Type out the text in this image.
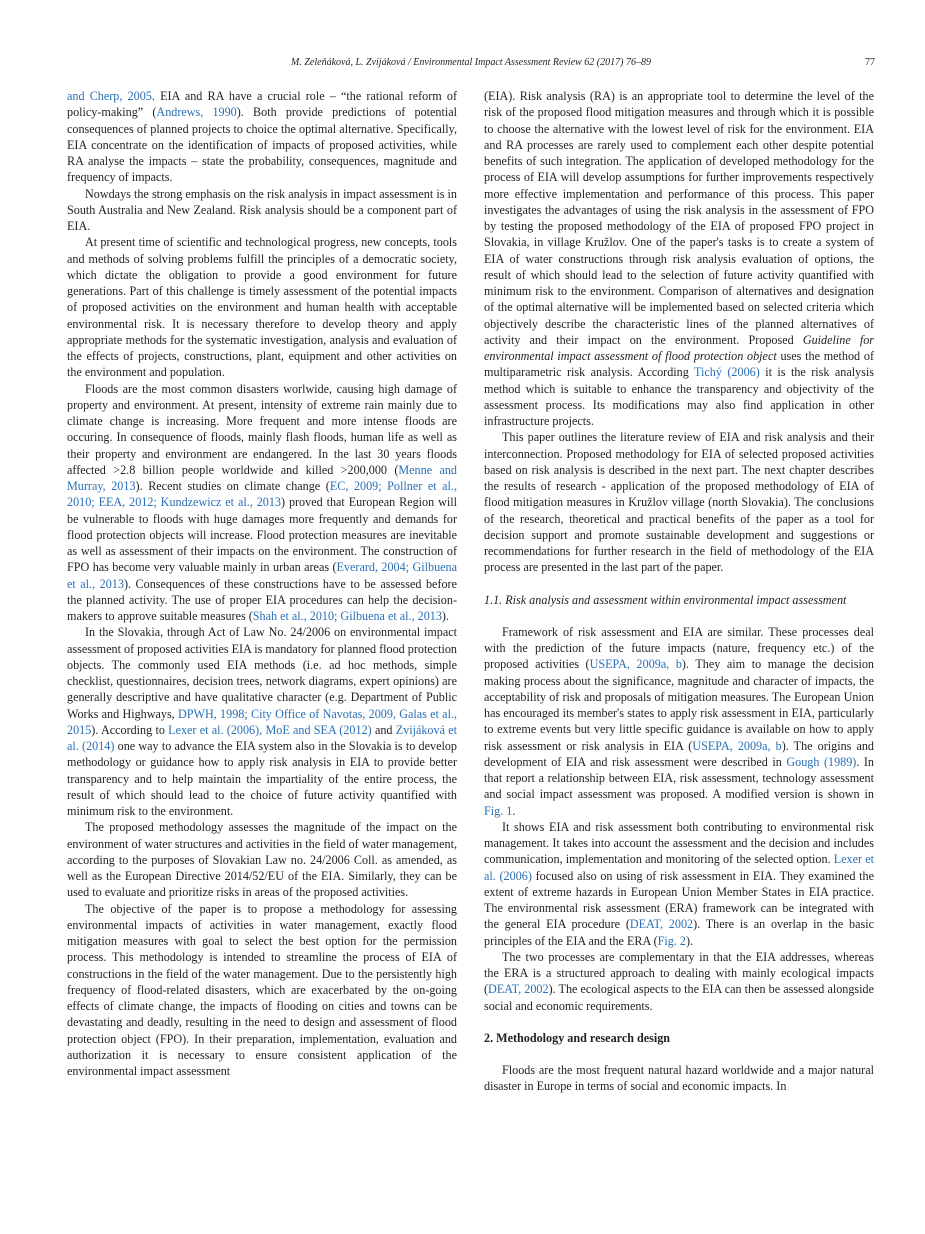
M. Zeleňáková, L. Zvijáková / Environmental Impact Assessment Review 62 (2017) 76–89	77

and Cherp, 2005. EIA and RA have a crucial role – “the rational reform of policy-making” (Andrews, 1990). Both provide predictions of potential consequences of planned projects to choice the optimal alternative. Specifically, EIA concentrate on the identification of impacts of proposed activities, while RA analyse the impacts – state the probability, consequences, magnitude and frequency of impacts.

Nowdays the strong emphasis on the risk analysis in impact assessment is in South Australia and New Zealand. Risk analysis should be a component part of EIA.

At present time of scientific and technological progress, new concepts, tools and methods of solving problems fulfill the principles of a democratic society, which dictate the obligation to provide a good environment for future generations. Part of this challenge is timely assessment of the potential impacts of proposed activities on the environment and human health with acceptable environmental risk. It is necessary therefore to develop theory and apply appropriate methods for the systematic investigation, analysis and evaluation of the effects of projects, constructions, plant, equipment and other activities on the environment and population.

Floods are the most common disasters worlwide, causing high damage of property and environment. At present, intensity of extreme rain mainly due to climate change is increasing. More frequent and more intense floods are occuring. In consequence of floods, mainly flash floods, human life as well as their property and environment are endangered. In the last 30 years floods affected >2.8 billion people worldwide and killed >200,000 (Menne and Murray, 2013). Recent studies on climate change (EC, 2009; Pollner et al., 2010; EEA, 2012; Kundzewicz et al., 2013) proved that European Region will be vulnerable to floods with huge damages more frequently and demands for flood protection objects will increase. Flood protection measures are inevitable as well as assessment of their impacts on the environment. The construction of FPO has become very valuable mainly in urban areas (Everard, 2004; Gilbuena et al., 2013). Consequences of these constructions have to be assessed before the planned activity. The use of proper EIA procedures can help the decision-makers to approve suitable measures (Shah et al., 2010; Gilbuena et al., 2013).

In the Slovakia, through Act of Law No. 24/2006 on environmental impact assessment of proposed activities EIA is mandatory for planned flood protection objects. The commonly used EIA methods (i.e. ad hoc methods, simple checklist, questionnaires, decision trees, network diagrams, expert opinions) are generally descriptive and have qualitative character (e.g. Department of Public Works and Highways, DPWH, 1998; City Office of Navotas, 2009, Galas et al., 2015). According to Lexer et al. (2006), MoE and SEA (2012) and Zvijáková et al. (2014) one way to advance the EIA system also in the Slovakia is to develop methodology or guidance how to apply risk analysis in EIA to provide better transparency and to help maintain the impartiality of the entire process, the result of which should lead to the choice of future activity quantified with minimum risk to the environment.

The proposed methodology assesses the magnitude of the impact on the environment of water structures and activities in the field of water management, according to the purposes of Slovakian Law no. 24/2006 Coll. as amended, as well as the European Directive 2014/52/EU of the EIA. Similarly, they can be used to evaluate and prioritize risks in areas of the proposed activities.

The objective of the paper is to propose a methodology for assessing environmental impacts of activities in water management, exactly flood mitigation measures with goal to select the best option for the permission process. This methodology is intended to streamline the process of EIA of constructions in the field of the water management. Due to the persistently high frequency of flood-related disasters, which are exacerbated by the on-going effects of climate change, the impacts of flooding on cities and towns can be devastating and deadly, resulting in the need to design and assessment of flood protection object (FPO). In their preparation, implementation, evaluation and authorization it is necessary to ensure consistent application of the environmental impact assessment

(EIA). Risk analysis (RA) is an appropriate tool to determine the level of the risk of the proposed flood mitigation measures and through which it is possible to choose the alternative with the lowest level of risk for the environment. EIA and RA processes are rarely used to complement each other despite potential benefits of such integration. The application of developed methodology for the process of EIA will develop assumptions for further improvements respectively more effective implementation and performance of this process. This paper investigates the advantages of using the risk analysis in the assessment of FPO by testing the proposed methodology of the EIA of proposed FPO project in Slovakia, in village Kružlov. One of the paper's tasks is to create a system of EIA of water constructions through risk analysis evaluation of options, the result of which should lead to the selection of future activity quantified with minimum risk to the environment. Comparison of alternatives and designation of the optimal alternative will be implemented based on selected criteria which objectively describe the characteristic lines of the planned alternatives of activity and their impact on the environment. Proposed Guideline for environmental impact assessment of flood protection object uses the method of multiparametric risk analysis. According Tichý (2006) it is the risk analysis method which is suitable to enhance the transparency and objectivity of the assessment process. Its modifications may also find application in other infrastructure projects.

This paper outlines the literature review of EIA and risk analysis and their interconnection. Proposed methodology for EIA of selected proposed activities based on risk analysis is described in the next part. The next chapter describes the results of research - application of the proposed methodology of EIA of flood mitigation measures in Kružlov village (north Slovakia). The conclusions of the research, theoretical and practical benefits of the paper as a tool for decision support and promote sustainable development and suggestions or recommendations for further research in the field of methodology of the EIA process are presented in the last part of the paper.

1.1. Risk analysis and assessment within environmental impact assessment

Framework of risk assessment and EIA are similar. These processes deal with the prediction of the future impacts (nature, frequency etc.) of the proposed activities (USEPA, 2009a, b). They aim to manage the decision making process about the significance, magnitude and character of impacts, the acceptability of risk and proposals of mitigation measures. The European Union has encouraged its member's states to apply risk assessment in EIA, particularly to extreme events but very little specific guidance is available on how to apply risk assessment or risk analysis in EIA (USEPA, 2009a, b). The origins and development of EIA and risk assessment were described in Gough (1989). In that report a relationship between EIA, risk assessment, technology assessment and social impact assessment was proposed. A modified version is shown in Fig. 1.

It shows EIA and risk assessment both contributing to environmental risk management. It takes into account the assessment and the decision and includes communication, implementation and monitoring of the selected option. Lexer et al. (2006) focused also on using of risk assessment in EIA. They examined the extent of extreme hazards in European Union Member States in EIA practice. The environmental risk assessment (ERA) framework can be integrated with the general EIA procedure (DEAT, 2002). There is an overlap in the basic principles of the EIA and the ERA (Fig. 2).

The two processes are complementary in that the EIA addresses, whereas the ERA is a structured approach to dealing with mainly ecological impacts (DEAT, 2002). The ecological aspects to the EIA can then be assessed alongside social and economic requirements.

2. Methodology and research design

Floods are the most frequent natural hazard worldwide and a major natural disaster in Europe in terms of social and economic impacts. In
